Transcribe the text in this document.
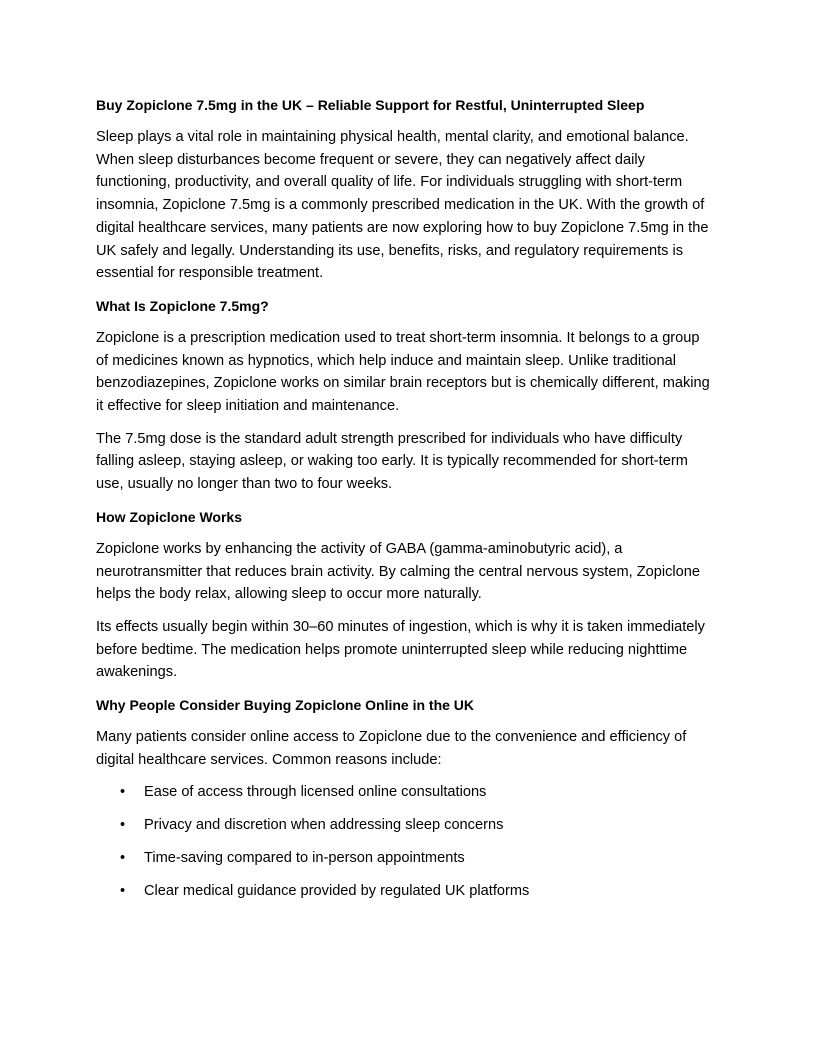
Buy Zopiclone 7.5mg in the UK – Reliable Support for Restful, Uninterrupted Sleep
Sleep plays a vital role in maintaining physical health, mental clarity, and emotional balance.
When sleep disturbances become frequent or severe, they can negatively affect daily
functioning, productivity, and overall quality of life. For individuals struggling with short-term
insomnia, Zopiclone 7.5mg is a commonly prescribed medication in the UK. With the growth of
digital healthcare services, many patients are now exploring how to buy Zopiclone 7.5mg in the
UK safely and legally. Understanding its use, benefits, risks, and regulatory requirements is
essential for responsible treatment.
What Is Zopiclone 7.5mg?
Zopiclone is a prescription medication used to treat short-term insomnia. It belongs to a group
of medicines known as hypnotics, which help induce and maintain sleep. Unlike traditional
benzodiazepines, Zopiclone works on similar brain receptors but is chemically different, making
it effective for sleep initiation and maintenance.
The 7.5mg dose is the standard adult strength prescribed for individuals who have difficulty
falling asleep, staying asleep, or waking too early. It is typically recommended for short-term
use, usually no longer than two to four weeks.
How Zopiclone Works
Zopiclone works by enhancing the activity of GABA (gamma-aminobutyric acid), a
neurotransmitter that reduces brain activity. By calming the central nervous system, Zopiclone
helps the body relax, allowing sleep to occur more naturally.
Its effects usually begin within 30–60 minutes of ingestion, which is why it is taken immediately
before bedtime. The medication helps promote uninterrupted sleep while reducing nighttime
awakenings.
Why People Consider Buying Zopiclone Online in the UK
Many patients consider online access to Zopiclone due to the convenience and efficiency of
digital healthcare services. Common reasons include:
• Ease of access through licensed online consultations
• Privacy and discretion when addressing sleep concerns
• Time-saving compared to in-person appointments
• Clear medical guidance provided by regulated UK platforms
